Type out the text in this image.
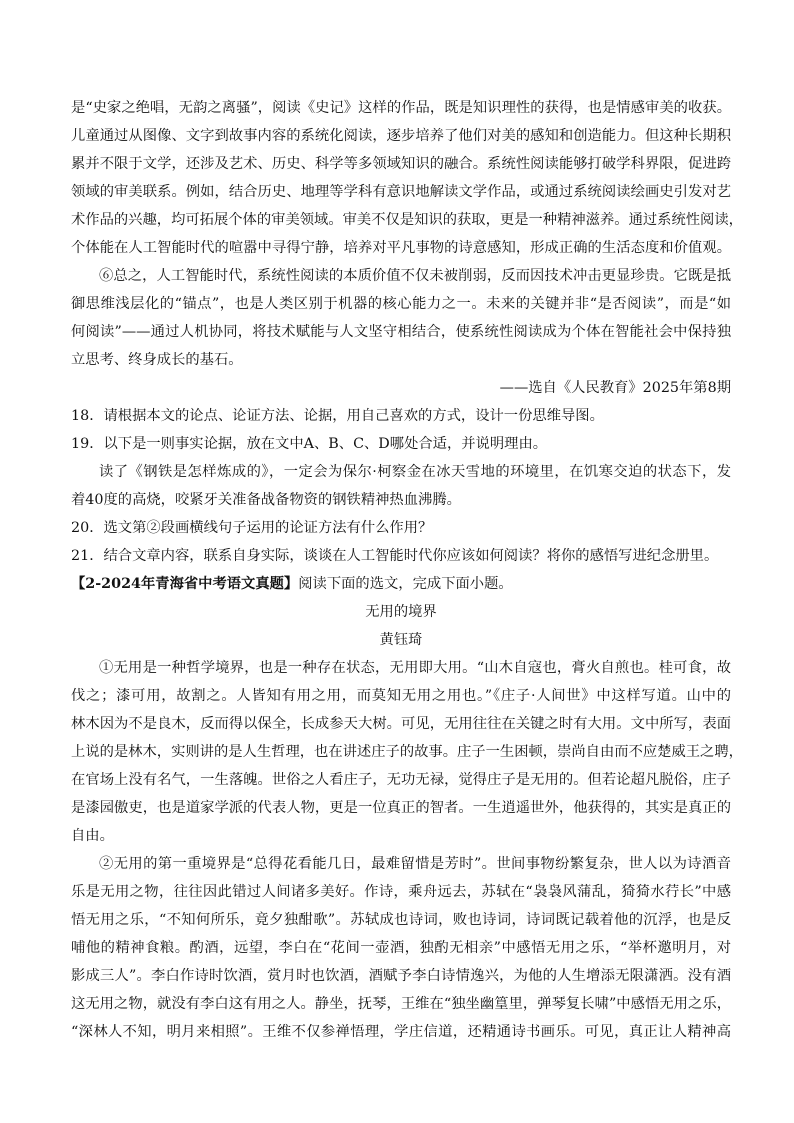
是“史家之绝唱，无韵之离骚”，阅读《史记》这样的作品，既是知识理性的获得，也是情感审美的收获。
儿童通过从图像、文字到故事内容的系统化阅读，逐步培养了他们对美的感知和创造能力。但这种长期积
累并不限于文学，还涉及艺术、历史、科学等多领域知识的融合。系统性阅读能够打破学科界限，促进跨
领域的审美联系。例如，结合历史、地理等学科有意识地解读文学作品，或通过系统阅读绘画史引发对艺
术作品的兴趣，均可拓展个体的审美领域。审美不仅是知识的获取，更是一种精神滋养。通过系统性阅读，
个体能在人工智能时代的喧嚣中寻得宁静，培养对平凡事物的诗意感知，形成正确的生活态度和价值观。
⑥总之，人工智能时代，系统性阅读的本质价值不仅未被削弱，反而因技术冲击更显珍贵。它既是抵
御思维浅层化的“锚点”，也是人类区别于机器的核心能力之一。未来的关键并非“是否阅读”，而是“如
何阅读”——通过人机协同，将技术赋能与人文坚守相结合，使系统性阅读成为个体在智能社会中保持独
立思考、终身成长的基石。
——选自《人民教育》2025年第8期
18．请根据本文的论点、论证方法、论据，用自己喜欢的方式，设计一份思维导图。
19．以下是一则事实论据，放在文中A、B、C、D哪处合适，并说明理由。
读了《钢铁是怎样炼成的》，一定会为保尔·柯察金在冰天雪地的环境里，在饥寒交迫的状态下，发
着40度的高烧，咬紧牙关准备战备物资的钢铁精神热血沸腾。
20．选文第②段画横线句子运用的论证方法有什么作用？
21．结合文章内容，联系自身实际，谈谈在人工智能时代你应该如何阅读？将你的感悟写进纪念册里。
【2-2024年青海省中考语文真题】阅读下面的选文，完成下面小题。
无用的境界
黄钰琦
①无用是一种哲学境界，也是一种存在状态，无用即大用。“山木自寇也，膏火自煎也。桂可食，故
伐之；漆可用，故割之。人皆知有用之用，而莫知无用之用也。”《庄子·人间世》中这样写道。山中的
林木因为不是良木，反而得以保全，长成参天大树。可见，无用往往在关键之时有大用。文中所写，表面
上说的是林木，实则讲的是人生哲理，也在讲述庄子的故事。庄子一生困顿，崇尚自由而不应楚威王之聘，
在官场上没有名气，一生落魄。世俗之人看庄子，无功无禄，觉得庄子是无用的。但若论超凡脱俗，庄子
是漆园傲吏，也是道家学派的代表人物，更是一位真正的智者。一生逍遥世外，他获得的，其实是真正的
自由。
②无用的第一重境界是“总得花看能几日，最难留惜是芳时”。世间事物纷繁复杂，世人以为诗酒音
乐是无用之物，往往因此错过人间诸多美好。作诗，乘舟远去，苏轼在“袅袅风蒲乱，猗猗水荇长”中感
悟无用之乐，“不知何所乐，竟夕独酣歌”。苏轼成也诗词，败也诗词，诗词既记载着他的沉浮，也是反
哺他的精神食粮。酌酒，远望，李白在“花间一壶酒，独酌无相亲”中感悟无用之乐，“举杯邀明月，对
影成三人”。李白作诗时饮酒，赏月时也饮酒，酒赋予李白诗情逸兴，为他的人生增添无限潇洒。没有酒
这无用之物，就没有李白这有用之人。静坐，抚琴，王维在“独坐幽篁里，弹琴复长啸”中感悟无用之乐，
“深林人不知，明月来相照”。王维不仅参禅悟理，学庄信道，还精通诗书画乐。可见，真正让人精神高
